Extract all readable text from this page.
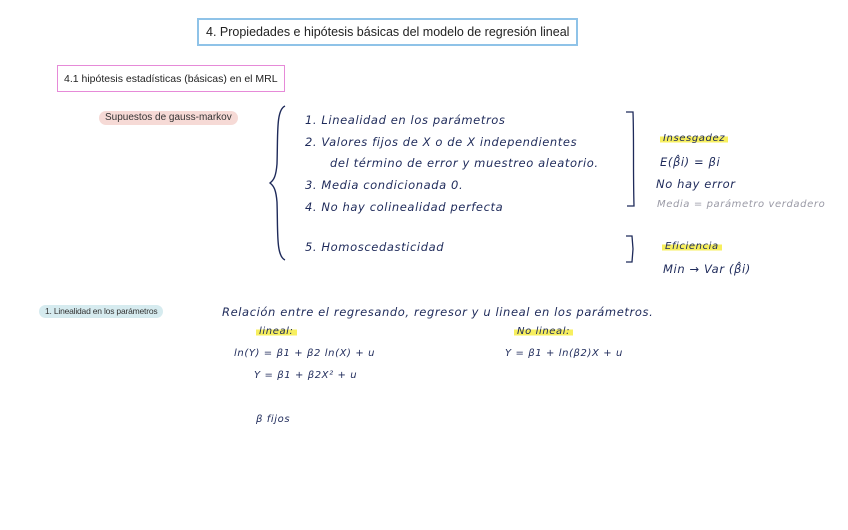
4. Propiedades e hipótesis básicas del modelo de regresión lineal
4.1 hipótesis estadísticas (básicas) en el MRL
Supuestos de gauss-markov	1. Linealidad en los parámetros
2. Valores fijos de X o de X independientes
del término de error y muestreo aleatorio.
3. Media condicionada 0.
4. No hay colinealidad perfecta
5. Homoscedasticidad
Insesgadez
E(β̂i) = βi
No hay error
Media = parámetro verdadero
Eficiencia
Min → Var (β̂i)
1. Linealidad en los parámetros	Relación entre el regresando, regresor y u lineal en los parámetros.
lineal:	No lineal:
ln(Y) = β1 + β2 ln(X) + u
Y = β1 + β2X² + u
Y = β1 + ln(β2)X + u
β fijos
